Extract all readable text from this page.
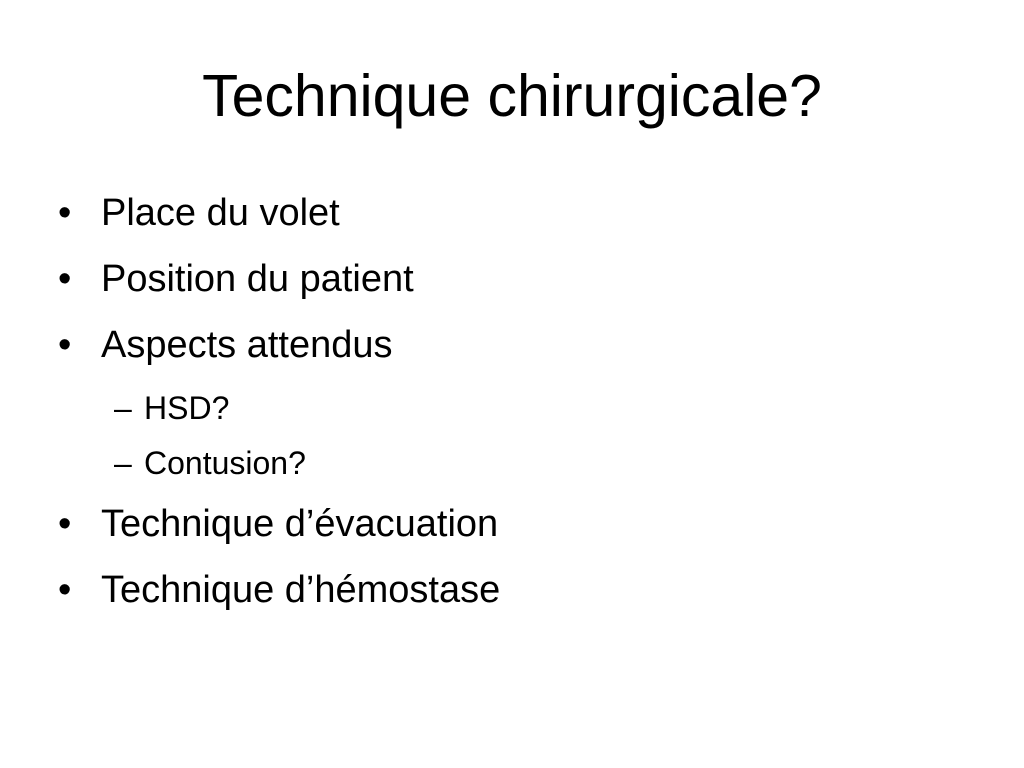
Technique chirurgicale?
• Place du volet
• Position du patient
• Aspects attendus
– HSD?
– Contusion?
• Technique d’évacuation
• Technique d’hémostase
